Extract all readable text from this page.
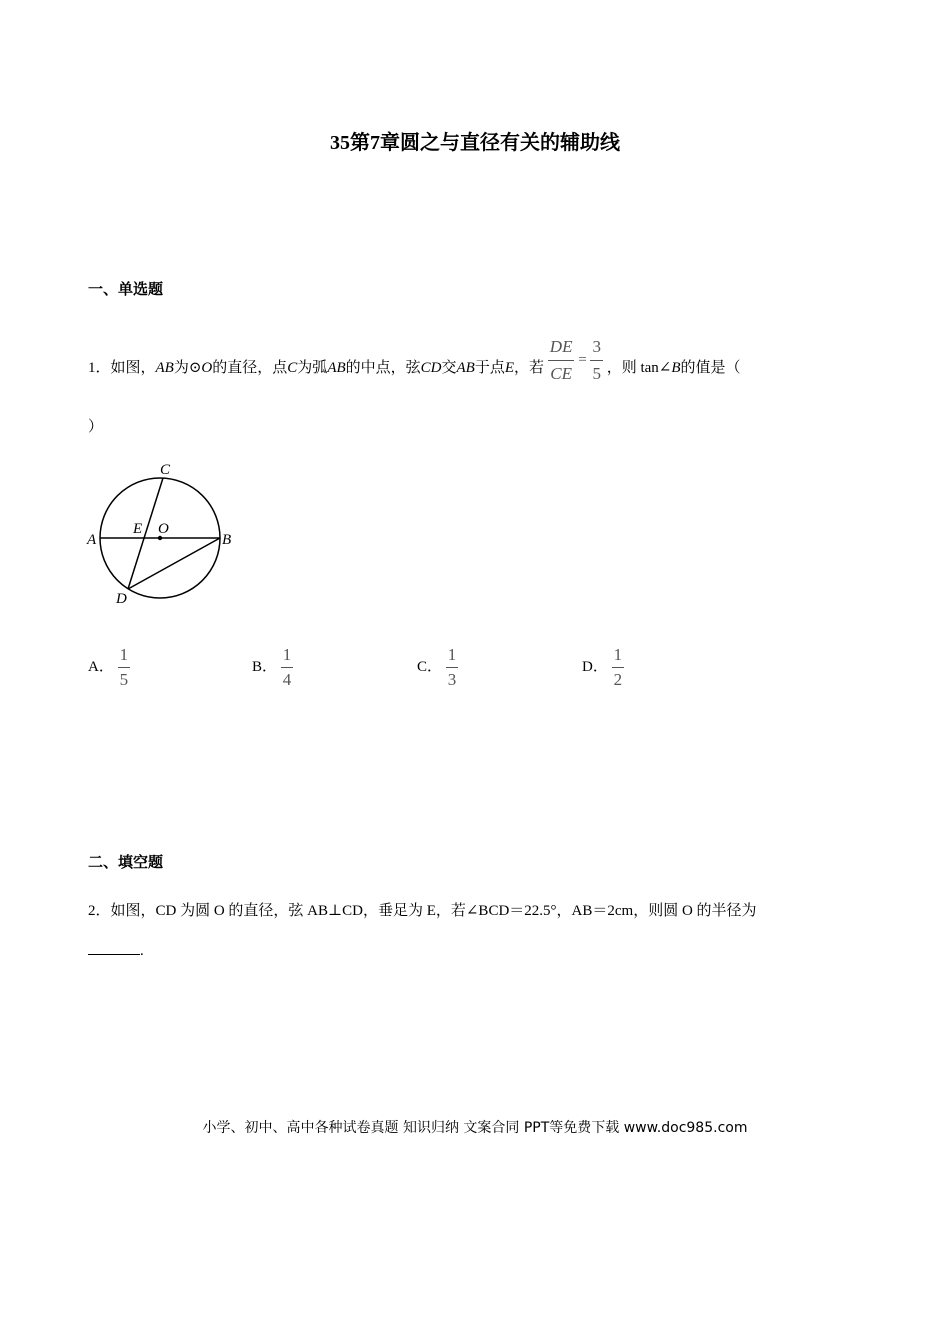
35第7章圆之与直径有关的辅助线
一、单选题
1．如图，AB为⊙O的直径，点C为弧AB的中点，弦CD交AB于点E，若 $\frac{DE}{CE} = \frac{3}{5}$ ，则 tan∠B的值是（
）
A	B
C
D
E O
A． $\frac{1}{5}$	B． $\frac{1}{4}$	C． $\frac{1}{3}$	D． $\frac{1}{2}$
二、填空题
2．如图，CD 为圆 O 的直径，弦 AB⊥CD，垂足为 E，若∠BCD＝22.5°，AB＝2cm，则圆 O 的半径为
.
小学、初中、高中各种试卷真题 知识归纳 文案合同 PPT等免费下载 www.doc985.com
